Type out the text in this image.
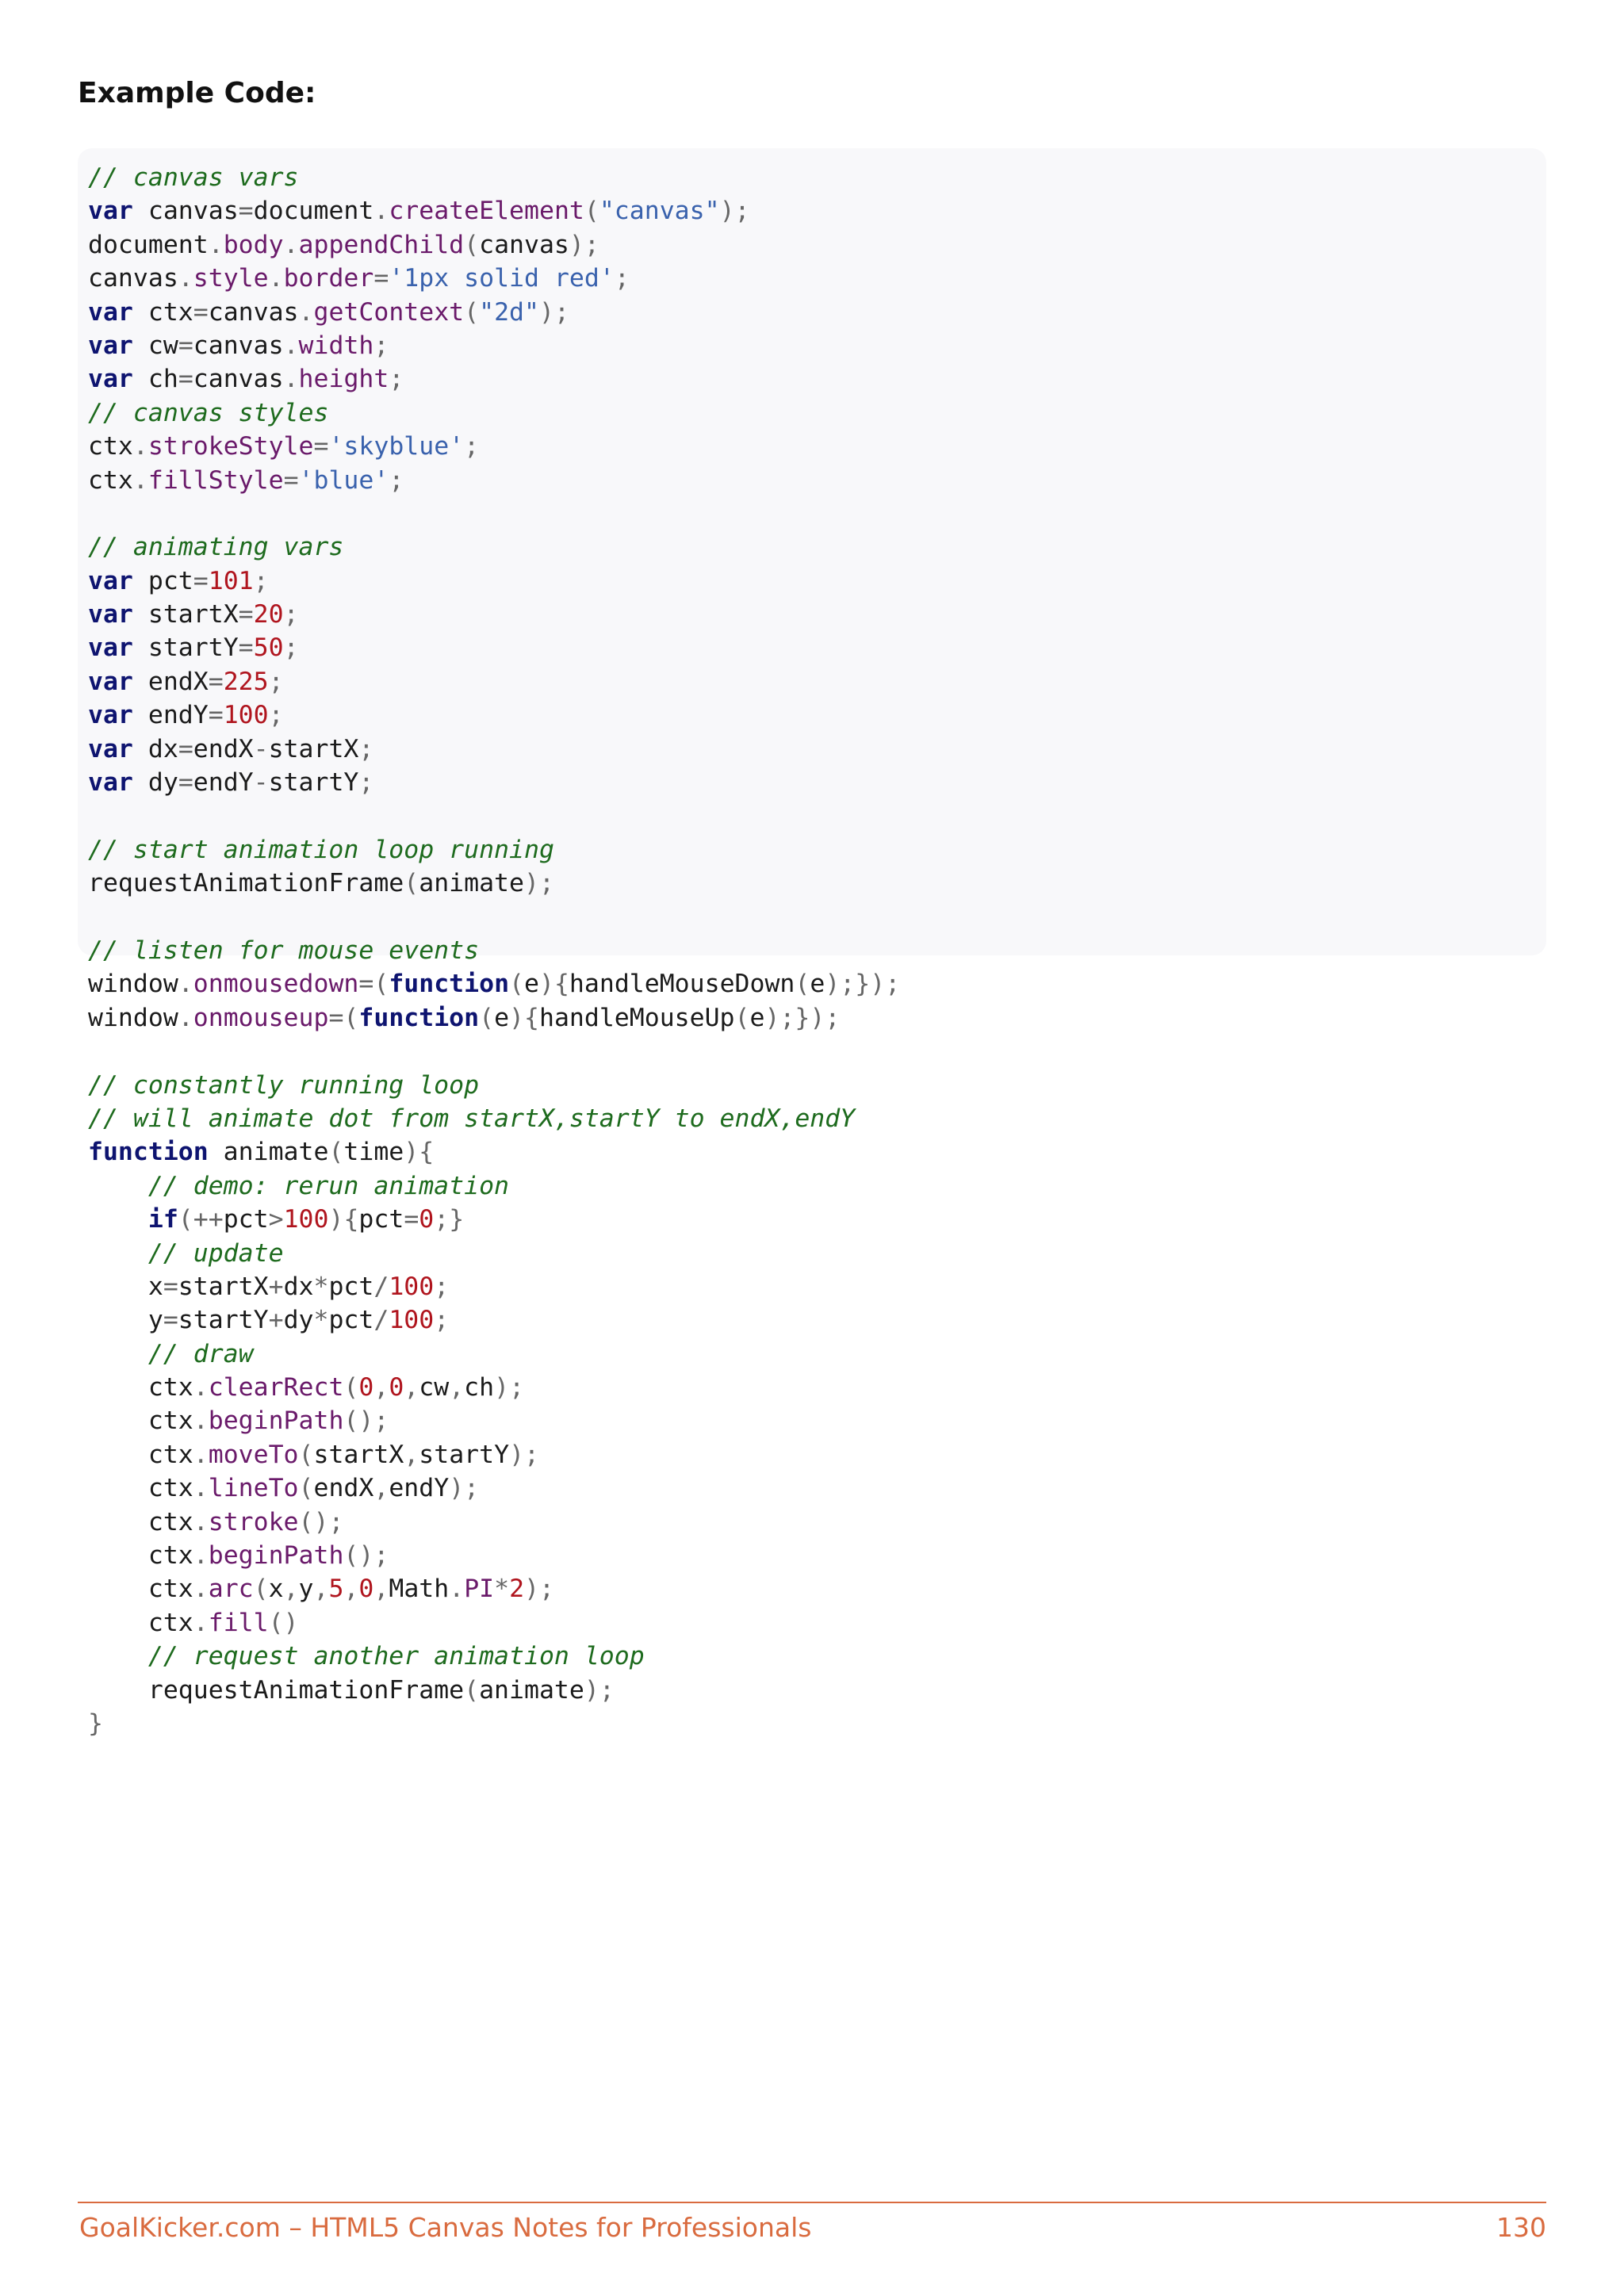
Example Code:
// canvas vars
var canvas=document.createElement("canvas");
document.body.appendChild(canvas);
canvas.style.border='1px solid red';
var ctx=canvas.getContext("2d");
var cw=canvas.width;
var ch=canvas.height;
// canvas styles
ctx.strokeStyle='skyblue';
ctx.fillStyle='blue';
// animating vars
var pct=101;
var startX=20;
var startY=50;
var endX=225;
var endY=100;
var dx=endX-startX;
var dy=endY-startY;
// start animation loop running
requestAnimationFrame(animate);
// listen for mouse events
window.onmousedown=(function(e){handleMouseDown(e);});
window.onmouseup=(function(e){handleMouseUp(e);});
// constantly running loop
// will animate dot from startX,startY to endX,endY
function animate(time){
// demo: rerun animation
if(++pct>100){pct=0;}
// update
x=startX+dx*pct/100;
y=startY+dy*pct/100;
// draw
ctx.clearRect(0,0,cw,ch);
ctx.beginPath();
ctx.moveTo(startX,startY);
ctx.lineTo(endX,endY);
ctx.stroke();
ctx.beginPath();
ctx.arc(x,y,5,0,Math.PI*2);
ctx.fill()
// request another animation loop
requestAnimationFrame(animate);
}
GoalKicker.com – HTML5 Canvas Notes for Professionals	130
